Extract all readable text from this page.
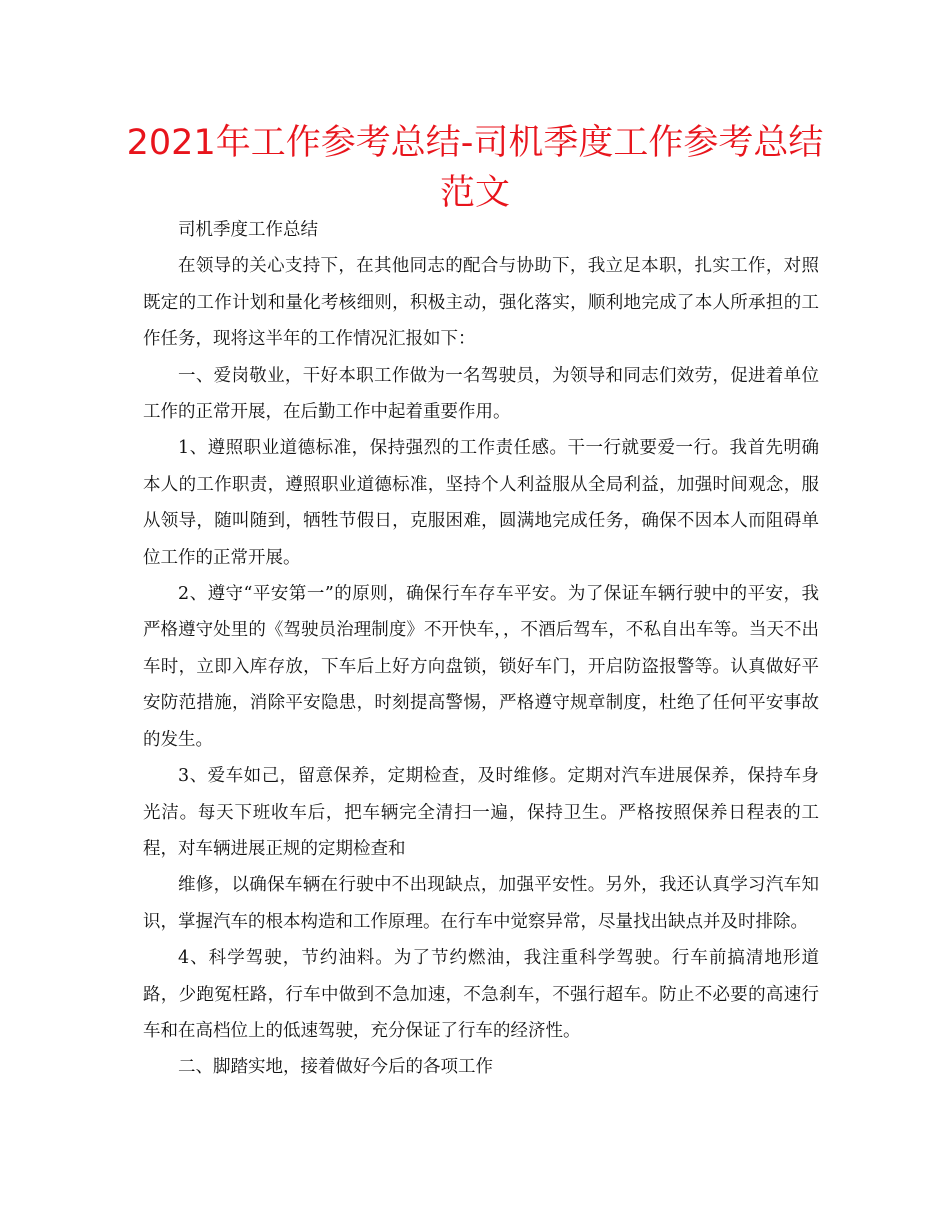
2021年工作参考总结-司机季度工作参考总结范文

司机季度工作总结

在领导的关心支持下，在其他同志的配合与协助下，我立足本职，扎实工作，对照既定的工作计划和量化考核细则，积极主动，强化落实，顺利地完成了本人所承担的工作任务，现将这半年的工作情况汇报如下：

一、爱岗敬业，干好本职工作做为一名驾驶员，为领导和同志们效劳，促进着单位工作的正常开展，在后勤工作中起着重要作用。

1、遵照职业道德标准，保持强烈的工作责任感。干一行就要爱一行。我首先明确本人的工作职责，遵照职业道德标准，坚持个人利益服从全局利益，加强时间观念，服从领导，随叫随到，牺牲节假日，克服困难，圆满地完成任务，确保不因本人而阻碍单位工作的正常开展。

2、遵守“平安第一”的原则，确保行车存车平安。为了保证车辆行驶中的平安，我严格遵守处里的《驾驶员治理制度》不开快车，，不酒后驾车，不私自出车等。当天不出车时，立即入库存放，下车后上好方向盘锁，锁好车门，开启防盗报警等。认真做好平安防范措施，消除平安隐患，时刻提高警惕，严格遵守规章制度，杜绝了任何平安事故的发生。

3、爱车如己，留意保养，定期检查，及时维修。定期对汽车进展保养，保持车身光洁。每天下班收车后，把车辆完全清扫一遍，保持卫生。严格按照保养日程表的工程，对车辆进展正规的定期检查和

维修，以确保车辆在行驶中不出现缺点，加强平安性。另外，我还认真学习汽车知识，掌握汽车的根本构造和工作原理。在行车中觉察异常，尽量找出缺点并及时排除。

4、科学驾驶，节约油料。为了节约燃油，我注重科学驾驶。行车前搞清地形道路，少跑冤枉路，行车中做到不急加速，不急刹车，不强行超车。防止不必要的高速行车和在高档位上的低速驾驶，充分保证了行车的经济性。

二、脚踏实地，接着做好今后的各项工作
